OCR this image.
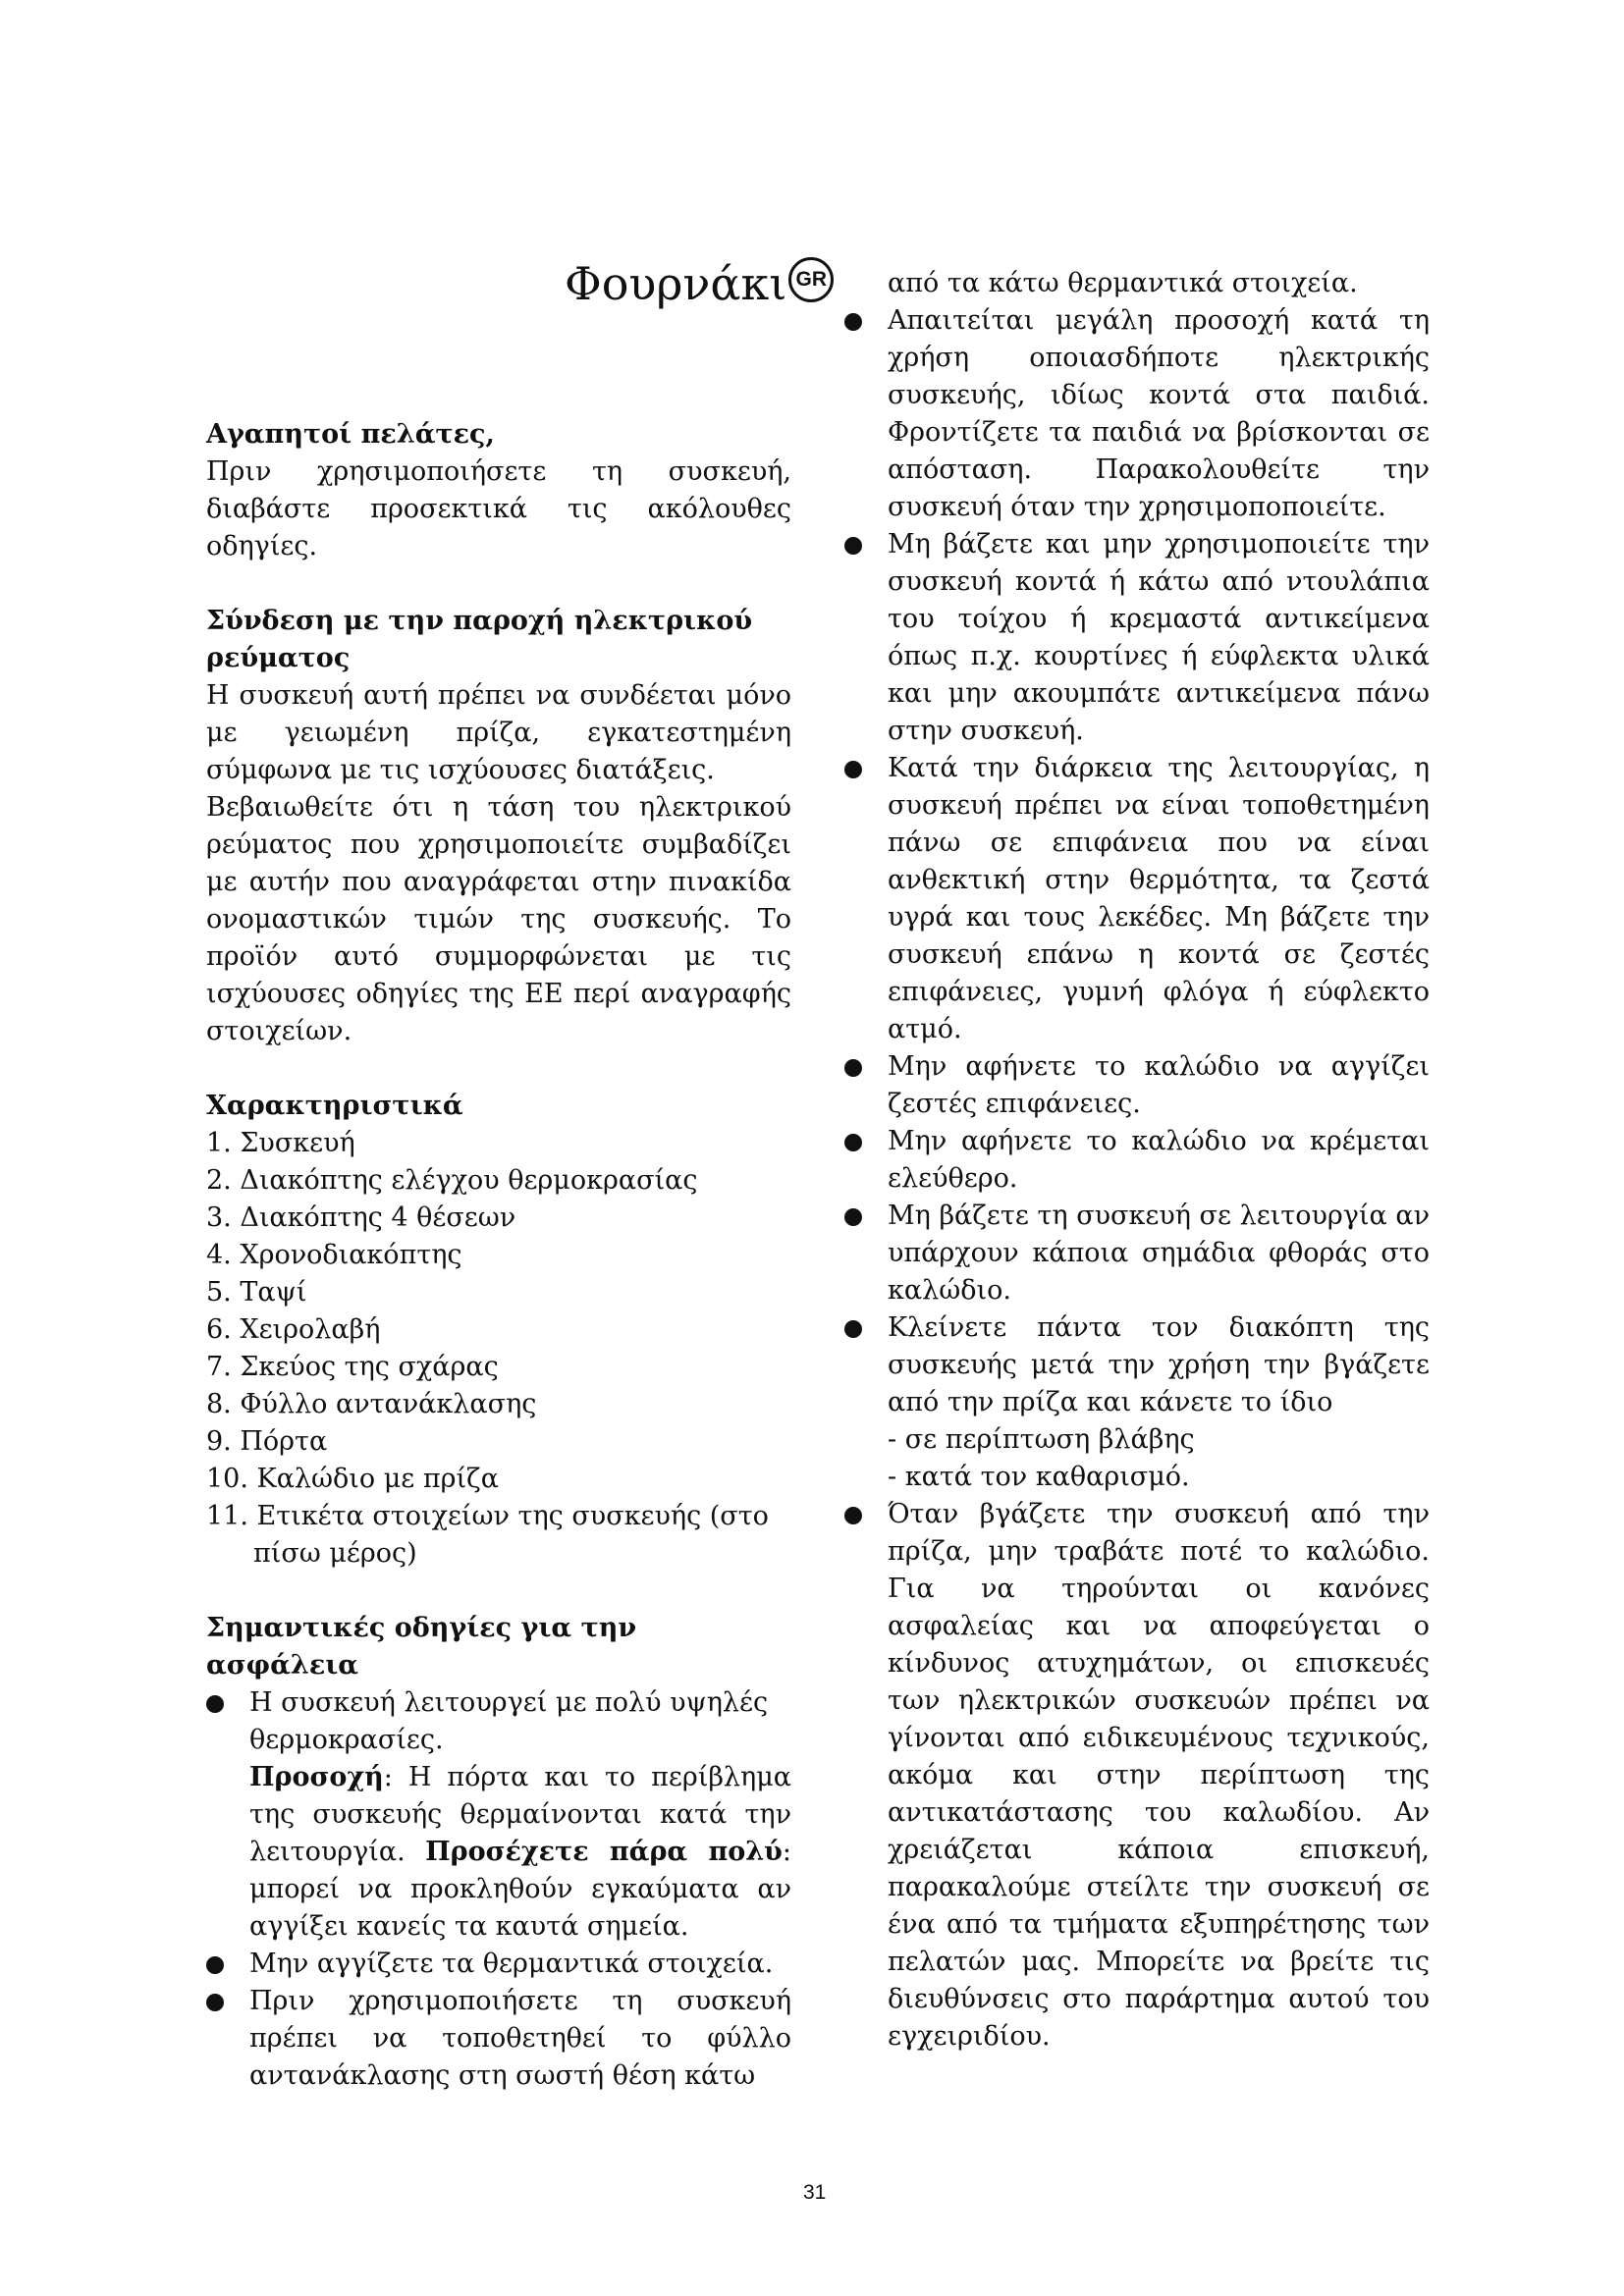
Φουρνάκι GR

Αγαπητοί πελάτες,

Πριν χρησιμοποιήσετε τη συσκευή, διαβάστε προσεκτικά τις ακόλουθες οδηγίες.

Σύνδεση με την παροχή ηλεκτρικού ρεύματος

Η συσκευή αυτή πρέπει να συνδέεται μόνο με γειωμένη πρίζα, εγκατεστημένη σύμφωνα με τις ισχύουσες διατάξεις.

Βεβαιωθείτε ότι η τάση του ηλεκτρικού ρεύματος που χρησιμοποιείτε συμβαδίζει με αυτήν που αναγράφεται στην πινακίδα ονομαστικών τιμών της συσκευής. Το προϊόν αυτό συμμορφώνεται με τις ισχύουσες οδηγίες της ΕΕ περί αναγραφής στοιχείων.

Χαρακτηριστικά

1. Συσκευή
2. Διακόπτης ελέγχου θερμοκρασίας
3. Διακόπτης 4 θέσεων
4. Χρονοδιακόπτης
5. Ταψί
6. Χειρολαβή
7. Σκεύος της σχάρας
8. Φύλλο αντανάκλασης
9. Πόρτα
10. Καλώδιο με πρίζα
11. Ετικέτα στοιχείων της συσκευής (στο πίσω μέρος)

Σημαντικές οδηγίες για την ασφάλεια

Η συσκευή λειτουργεί με πολύ υψηλές θερμοκρασίες.

Προσοχή: Η πόρτα και το περίβλημα της συσκευής θερμαίνονται κατά την λειτουργία. Προσέχετε πάρα πολύ: μπορεί να προκληθούν εγκαύματα αν αγγίξει κανείς τα καυτά σημεία.

Μην αγγίζετε τα θερμαντικά στοιχεία.

Πριν χρησιμοποιήσετε τη συσκευή πρέπει να τοποθετηθεί το φύλλο αντανάκλασης στη σωστή θέση κάτω

από τα κάτω θερμαντικά στοιχεία.

Απαιτείται μεγάλη προσοχή κατά τη χρήση οποιασδήποτε ηλεκτρικής συσκευής, ιδίως κοντά στα παιδιά. Φροντίζετε τα παιδιά να βρίσκονται σε απόσταση. Παρακολουθείτε την συσκευή όταν την χρησιμοποποιείτε.

Μη βάζετε και μην χρησιμοποιείτε την συσκευή κοντά ή κάτω από ντουλάπια του τοίχου ή κρεμαστά αντικείμενα όπως π.χ. κουρτίνες ή εύφλεκτα υλικά και μην ακουμπάτε αντικείμενα πάνω στην συσκευή.

Κατά την διάρκεια της λειτουργίας, η συσκευή πρέπει να είναι τοποθετημένη πάνω σε επιφάνεια που να είναι ανθεκτική στην θερμότητα, τα ζεστά υγρά και τους λεκέδες. Μη βάζετε την συσκευή επάνω η κοντά σε ζεστές επιφάνειες, γυμνή φλόγα ή εύφλεκτο ατμό.

Μην αφήνετε το καλώδιο να αγγίζει ζεστές επιφάνειες.

Μην αφήνετε το καλώδιο να κρέμεται ελεύθερο.

Μη βάζετε τη συσκευή σε λειτουργία αν υπάρχουν κάποια σημάδια φθοράς στο καλώδιο.

Κλείνετε πάντα τον διακόπτη της συσκευής μετά την χρήση την βγάζετε από την πρίζα και κάνετε το ίδιο

- σε περίπτωση βλάβης

- κατά τον καθαρισμό.

Όταν βγάζετε την συσκευή από την πρίζα, μην τραβάτε ποτέ το καλώδιο. Για να τηρούνται οι κανόνες ασφαλείας και να αποφεύγεται ο κίνδυνος ατυχημάτων, οι επισκευές των ηλεκτρικών συσκευών πρέπει να γίνονται από ειδικευμένους τεχνικούς, ακόμα και στην περίπτωση της αντικατάστασης του καλωδίου. Αν χρειάζεται κάποια επισκευή, παρακαλούμε στείλτε την συσκευή σε ένα από τα τμήματα εξυπηρέτησης των πελατών μας. Μπορείτε να βρείτε τις διευθύνσεις στο παράρτημα αυτού του εγχειριδίου.

31
